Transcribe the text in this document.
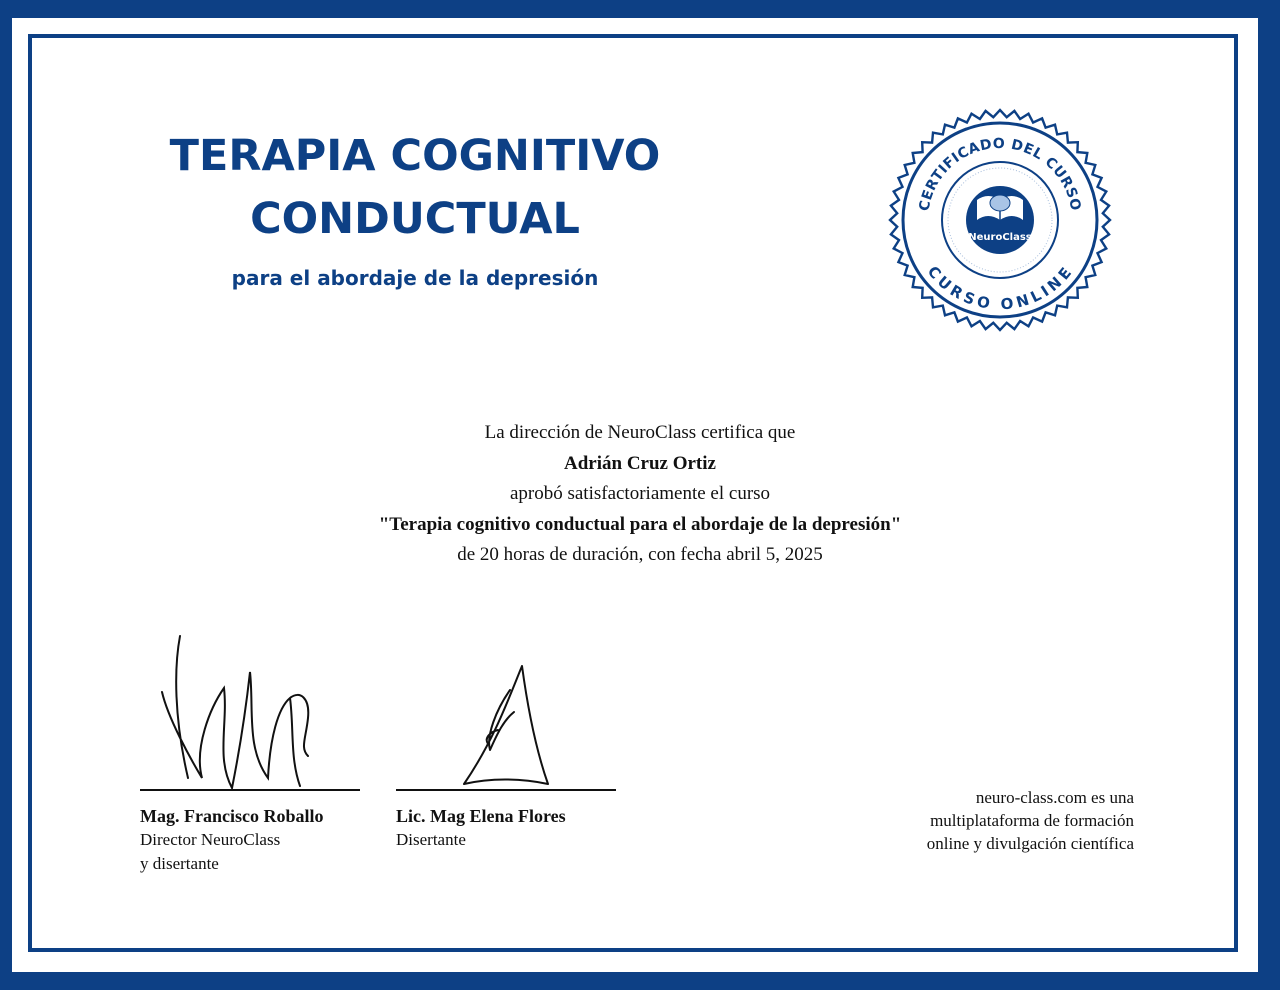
TERAPIA COGNITIVO
CONDUCTUAL
para el abordaje de la depresión
CERTIFICADO DEL CURSO
CURSO ONLINE
NeuroClass
La dirección de NeuroClass certifica que
Adrián Cruz Ortiz
aprobó satisfactoriamente el curso
"Terapia cognitivo conductual para el abordaje de la depresión"
de 20 horas de duración, con fecha abril 5, 2025
Mag. Francisco Roballo
Director NeuroClass
y disertante
Lic. Mag Elena Flores
Disertante
neuro-class.com es una
multiplataforma de formación
online y divulgación científica
